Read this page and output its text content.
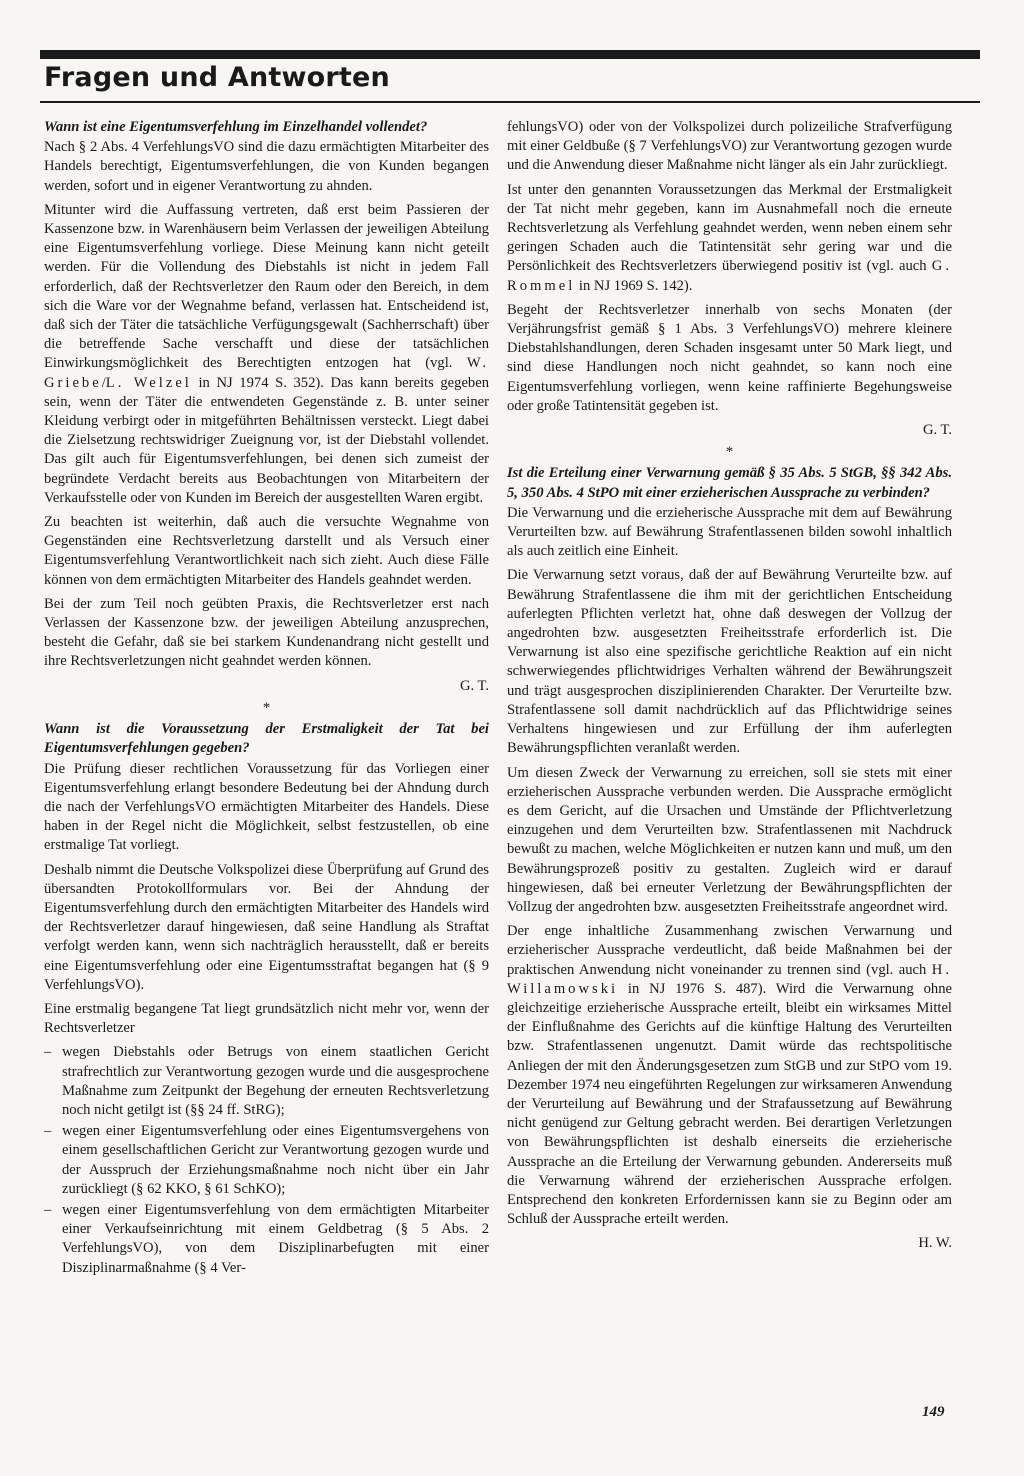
Fragen und Antworten

Wann ist eine Eigentumsverfehlung im Einzelhandel vollendet?

Nach § 2 Abs. 4 VerfehlungsVO sind die dazu ermächtigten Mitarbeiter des Handels berechtigt, Eigentumsverfehlungen, die von Kunden begangen werden, sofort und in eigener Verantwortung zu ahnden.

Mitunter wird die Auffassung vertreten, daß erst beim Passieren der Kassenzone bzw. in Warenhäusern beim Verlassen der jeweiligen Abteilung eine Eigentumsverfehlung vorliege. Diese Meinung kann nicht geteilt werden. Für die Vollendung des Diebstahls ist nicht in jedem Fall erforderlich, daß der Rechtsverletzer den Raum oder den Bereich, in dem sich die Ware vor der Wegnahme befand, verlassen hat. Entscheidend ist, daß sich der Täter die tatsächliche Verfügungsgewalt (Sachherrschaft) über die betreffende Sache verschafft und diese der tatsächlichen Einwirkungsmöglichkeit des Berechtigten entzogen hat (vgl. W. Griebe/L. Welzel in NJ 1974 S. 352). Das kann bereits gegeben sein, wenn der Täter die entwendeten Gegenstände z. B. unter seiner Kleidung verbirgt oder in mitgeführten Behältnissen versteckt. Liegt dabei die Zielsetzung rechtswidriger Zueignung vor, ist der Diebstahl vollendet. Das gilt auch für Eigentumsverfehlungen, bei denen sich zumeist der begründete Verdacht bereits aus Beobachtungen von Mitarbeitern der Verkaufsstelle oder von Kunden im Bereich der ausgestellten Waren ergibt.

Zu beachten ist weiterhin, daß auch die versuchte Wegnahme von Gegenständen eine Rechtsverletzung darstellt und als Versuch einer Eigentumsverfehlung Verantwortlichkeit nach sich zieht. Auch diese Fälle können von dem ermächtigten Mitarbeiter des Handels geahndet werden.

Bei der zum Teil noch geübten Praxis, die Rechtsverletzer erst nach Verlassen der Kassenzone bzw. der jeweiligen Abteilung anzusprechen, besteht die Gefahr, daß sie bei starkem Kundenandrang nicht gestellt und ihre Rechtsverletzungen nicht geahndet werden können.

G. T.

*

Wann ist die Voraussetzung der Erstmaligkeit der Tat bei Eigentumsverfehlungen gegeben?

Die Prüfung dieser rechtlichen Voraussetzung für das Vorliegen einer Eigentumsverfehlung erlangt besondere Bedeutung bei der Ahndung durch die nach der VerfehlungsVO ermächtigten Mitarbeiter des Handels. Diese haben in der Regel nicht die Möglichkeit, selbst festzustellen, ob eine erstmalige Tat vorliegt.

Deshalb nimmt die Deutsche Volkspolizei diese Überprüfung auf Grund des übersandten Protokollformulars vor. Bei der Ahndung der Eigentumsverfehlung durch den ermächtigten Mitarbeiter des Handels wird der Rechtsverletzer darauf hingewiesen, daß seine Handlung als Straftat verfolgt werden kann, wenn sich nachträglich herausstellt, daß er bereits eine Eigentumsverfehlung oder eine Eigentumsstraftat begangen hat (§ 9 VerfehlungsVO).

Eine erstmalig begangene Tat liegt grundsätzlich nicht mehr vor, wenn der Rechtsverletzer

– wegen Diebstahls oder Betrugs von einem staatlichen Gericht strafrechtlich zur Verantwortung gezogen wurde und die ausgesprochene Maßnahme zum Zeitpunkt der Begehung der erneuten Rechtsverletzung noch nicht getilgt ist (§§ 24 ff. StRG);
– wegen einer Eigentumsverfehlung oder eines Eigentumsvergehens von einem gesellschaftlichen Gericht zur Verantwortung gezogen wurde und der Ausspruch der Erziehungsmaßnahme noch nicht über ein Jahr zurückliegt (§ 62 KKO, § 61 SchKO);
– wegen einer Eigentumsverfehlung von dem ermächtigten Mitarbeiter einer Verkaufseinrichtung mit einem Geldbetrag (§ 5 Abs. 2 VerfehlungsVO), von dem Disziplinarbefugten mit einer Disziplinarmaßnahme (§ 4 Ver-

fehlungsVO) oder von der Volkspolizei durch polizeiliche Strafverfügung mit einer Geldbuße (§ 7 VerfehlungsVO) zur Verantwortung gezogen wurde und die Anwendung dieser Maßnahme nicht länger als ein Jahr zurückliegt.

Ist unter den genannten Voraussetzungen das Merkmal der Erstmaligkeit der Tat nicht mehr gegeben, kann im Ausnahmefall noch die erneute Rechtsverletzung als Verfehlung geahndet werden, wenn neben einem sehr geringen Schaden auch die Tatintensität sehr gering war und die Persönlichkeit des Rechtsverletzers überwiegend positiv ist (vgl. auch G. Rommel in NJ 1969 S. 142).

Begeht der Rechtsverletzer innerhalb von sechs Monaten (der Verjährungsfrist gemäß § 1 Abs. 3 VerfehlungsVO) mehrere kleinere Diebstahlshandlungen, deren Schaden insgesamt unter 50 Mark liegt, und sind diese Handlungen noch nicht geahndet, so kann noch eine Eigentumsverfehlung vorliegen, wenn keine raffinierte Begehungsweise oder große Tatintensität gegeben ist.

G. T.

*

Ist die Erteilung einer Verwarnung gemäß § 35 Abs. 5 StGB, §§ 342 Abs. 5, 350 Abs. 4 StPO mit einer erzieherischen Aussprache zu verbinden?

Die Verwarnung und die erzieherische Aussprache mit dem auf Bewährung Verurteilten bzw. auf Bewährung Strafentlassenen bilden sowohl inhaltlich als auch zeitlich eine Einheit.

Die Verwarnung setzt voraus, daß der auf Bewährung Verurteilte bzw. auf Bewährung Strafentlassene die ihm mit der gerichtlichen Entscheidung auferlegten Pflichten verletzt hat, ohne daß deswegen der Vollzug der angedrohten bzw. ausgesetzten Freiheitsstrafe erforderlich ist. Die Verwarnung ist also eine spezifische gerichtliche Reaktion auf ein nicht schwerwiegendes pflichtwidriges Verhalten während der Bewährungszeit und trägt ausgesprochen disziplinierenden Charakter. Der Verurteilte bzw. Strafentlassene soll damit nachdrücklich auf das Pflichtwidrige seines Verhaltens hingewiesen und zur Erfüllung der ihm auferlegten Bewährungspflichten veranlaßt werden.

Um diesen Zweck der Verwarnung zu erreichen, soll sie stets mit einer erzieherischen Aussprache verbunden werden. Die Aussprache ermöglicht es dem Gericht, auf die Ursachen und Umstände der Pflichtverletzung einzugehen und dem Verurteilten bzw. Strafentlassenen mit Nachdruck bewußt zu machen, welche Möglichkeiten er nutzen kann und muß, um den Bewährungsprozeß positiv zu gestalten. Zugleich wird er darauf hingewiesen, daß bei erneuter Verletzung der Bewährungspflichten der Vollzug der angedrohten bzw. ausgesetzten Freiheitsstrafe angeordnet wird.

Der enge inhaltliche Zusammenhang zwischen Verwarnung und erzieherischer Aussprache verdeutlicht, daß beide Maßnahmen bei der praktischen Anwendung nicht voneinander zu trennen sind (vgl. auch H. Willamowski in NJ 1976 S. 487). Wird die Verwarnung ohne gleichzeitige erzieherische Aussprache erteilt, bleibt ein wirksames Mittel der Einflußnahme des Gerichts auf die künftige Haltung des Verurteilten bzw. Strafentlassenen ungenutzt. Damit würde das rechtspolitische Anliegen der mit den Änderungsgesetzen zum StGB und zur StPO vom 19. Dezember 1974 neu eingeführten Regelungen zur wirksameren Anwendung der Verurteilung auf Bewährung und der Strafaussetzung auf Bewährung nicht genügend zur Geltung gebracht werden. Bei derartigen Verletzungen von Bewährungspflichten ist deshalb einerseits die erzieherische Aussprache an die Erteilung der Verwarnung gebunden. Andererseits muß die Verwarnung während der erzieherischen Aussprache erfolgen. Entsprechend den konkreten Erfordernissen kann sie zu Beginn oder am Schluß der Aussprache erteilt werden.

H. W.

149
